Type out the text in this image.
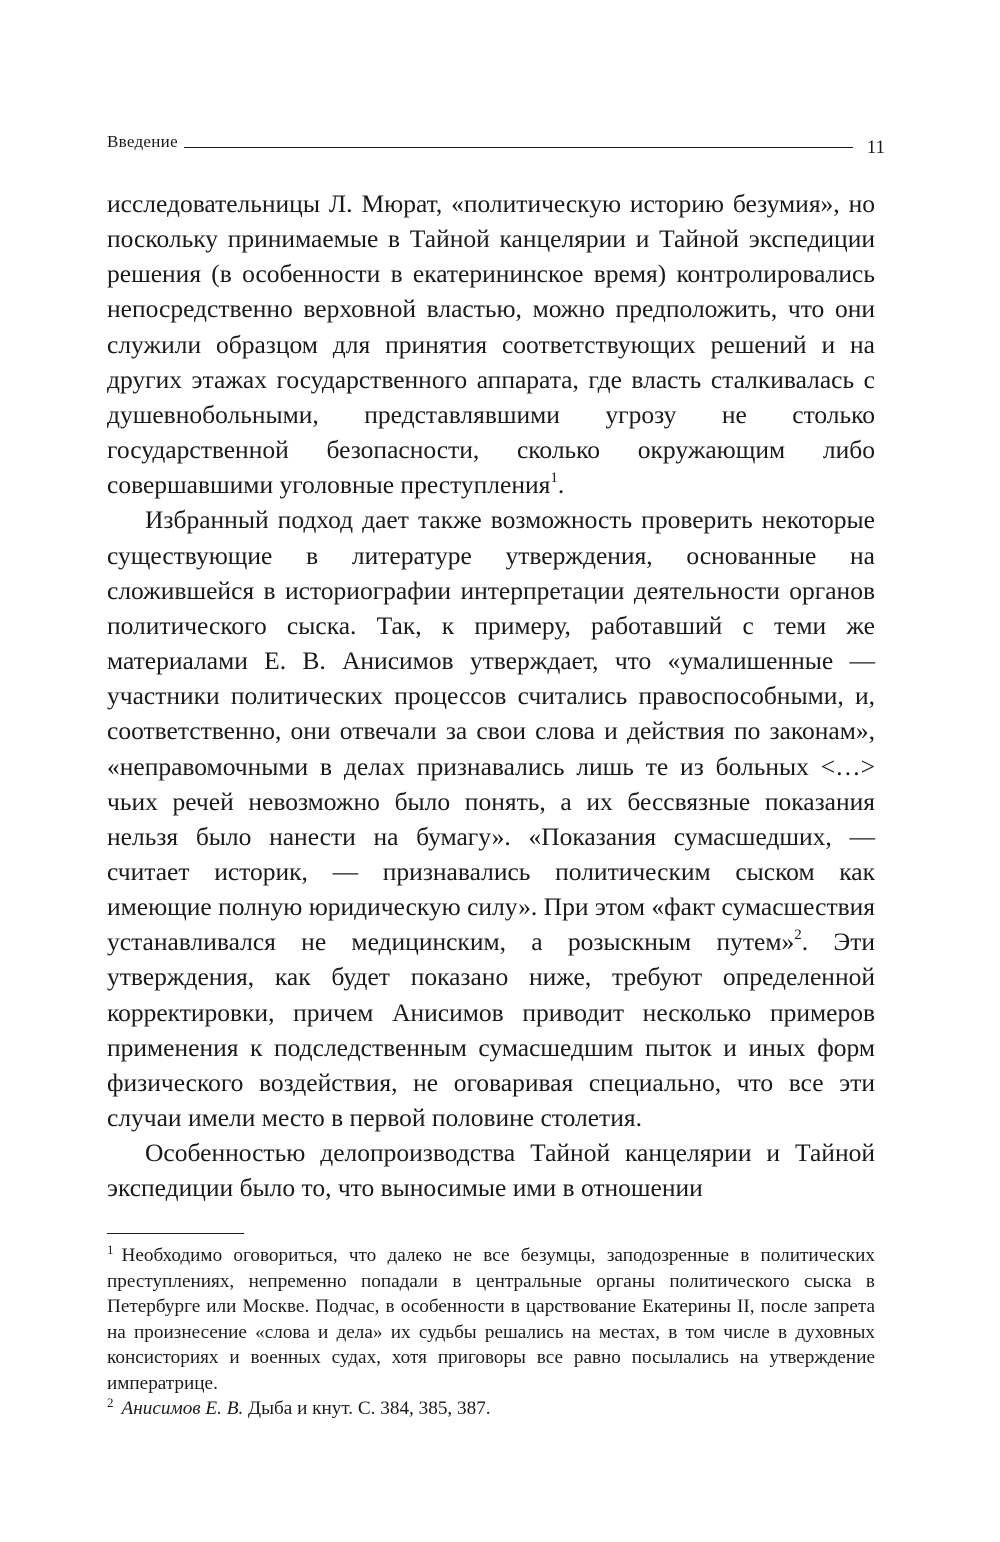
Введение	11

исследовательницы Л. Мюрат, «политическую историю безумия», но поскольку принимаемые в Тайной канцелярии и Тайной экспедиции решения (в особенности в екатерининское время) контролировались непосредственно верховной властью, можно предположить, что они служили образцом для принятия соответствующих решений и на других этажах государственного аппарата, где власть сталкивалась с душевнобольными, представлявшими угрозу не столько государственной безопасности, сколько окружающим либо совершавшими уголовные преступления$^1$.

Избранный подход дает также возможность проверить некоторые существующие в литературе утверждения, основанные на сложившейся в историографии интерпретации деятельности органов политического сыска. Так, к примеру, работавший с теми же материалами Е. В. Анисимов утверждает, что «умалишенные — участники политических процессов считались правоспособными, и, соответственно, они отвечали за свои слова и действия по законам», «неправомочными в делах признавались лишь те из больных <…> чьих речей невозможно было понять, а их бессвязные показания нельзя было нанести на бумагу». «Показания сумасшедших, — считает историк, — признавались политическим сыском как имеющие полную юридическую силу». При этом «факт сумасшествия устанавливался не медицинским, а розыскным путем»$^2$. Эти утверждения, как будет показано ниже, требуют определенной корректировки, причем Анисимов приводит несколько примеров применения к подследственным сумасшедшим пыток и иных форм физического воздействия, не оговаривая специально, что все эти случаи имели место в первой половине столетия.

Особенностью делопроизводства Тайной канцелярии и Тайной экспедиции было то, что выносимые ими в отношении

$^1$ Необходимо оговориться, что далеко не все безумцы, заподозренные в политических преступлениях, непременно попадали в центральные органы политического сыска в Петербурге или Москве. Подчас, в особенности в царствование Екатерины II, после запрета на произнесение «слова и дела» их судьбы решались на местах, в том числе в духовных консисториях и военных судах, хотя приговоры все равно посылались на утверждение императрице.

$^2$ Анисимов Е. В. Дыба и кнут. С. 384, 385, 387.
